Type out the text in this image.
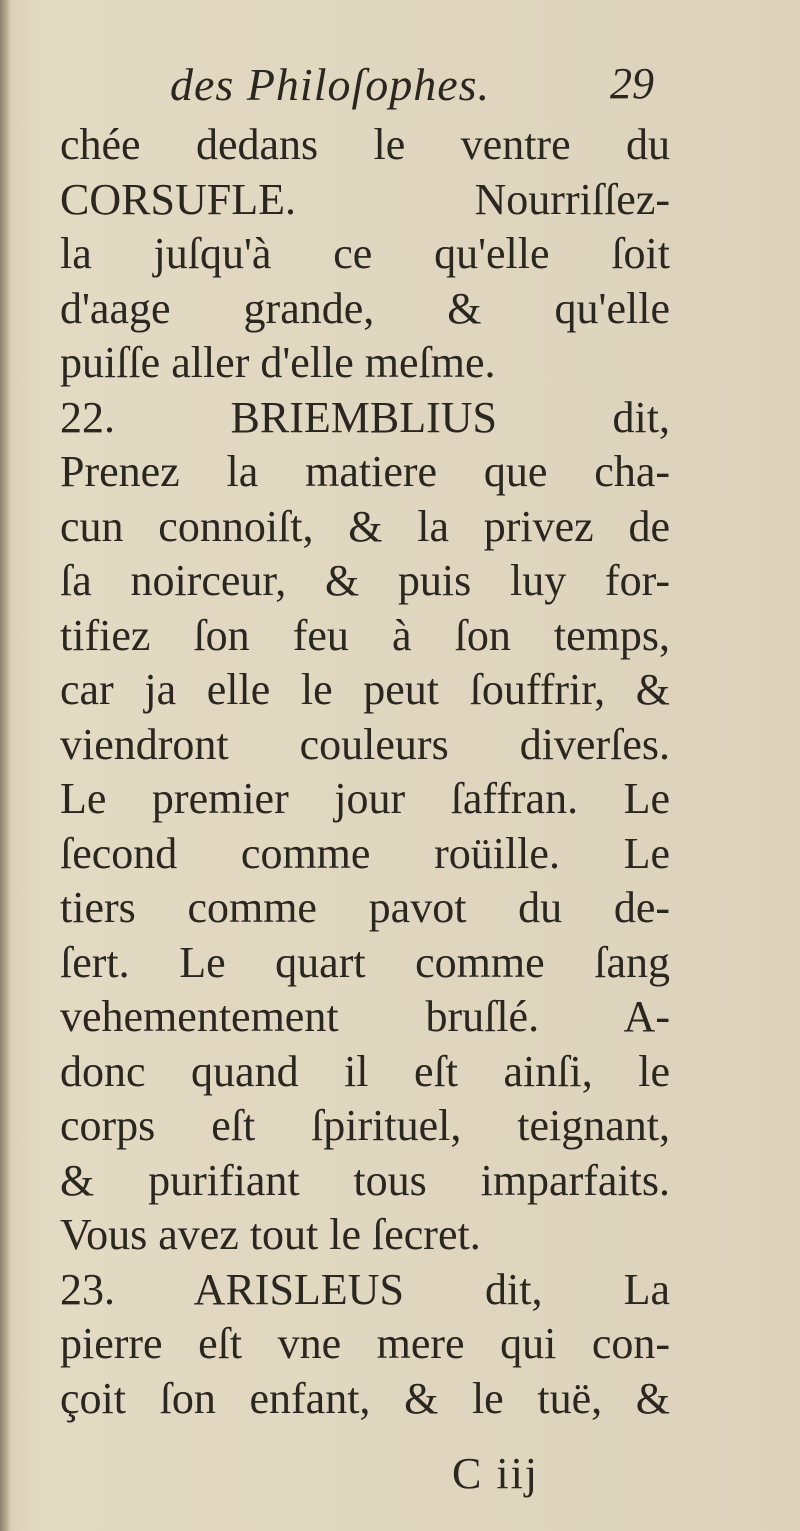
des Philoſophes.	29
chée dedans le ventre du
CORSUFLE. Nourriſſez-
la juſqu'à ce qu'elle ſoit
d'aage grande, & qu'elle
puiſſe aller d'elle meſme.
22. BRIEMBLIUS dit,
Prenez la matiere que cha-
cun connoiſt, & la privez de
ſa noirceur, & puis luy for-
tifiez ſon feu à ſon temps,
car ja elle le peut ſouffrir, &
viendront couleurs diverſes.
Le premier jour ſaffran. Le
ſecond comme roüille. Le
tiers comme pavot du de-
ſert. Le quart comme ſang
vehementement bruſlé. A-
donc quand il eſt ainſi, le
corps eſt ſpirituel, teignant,
& purifiant tous imparfaits.
Vous avez tout le ſecret.
23. ARISLEUS dit, La
pierre eſt vne mere qui con-
çoit ſon enfant, & le tuë, &
C iij
